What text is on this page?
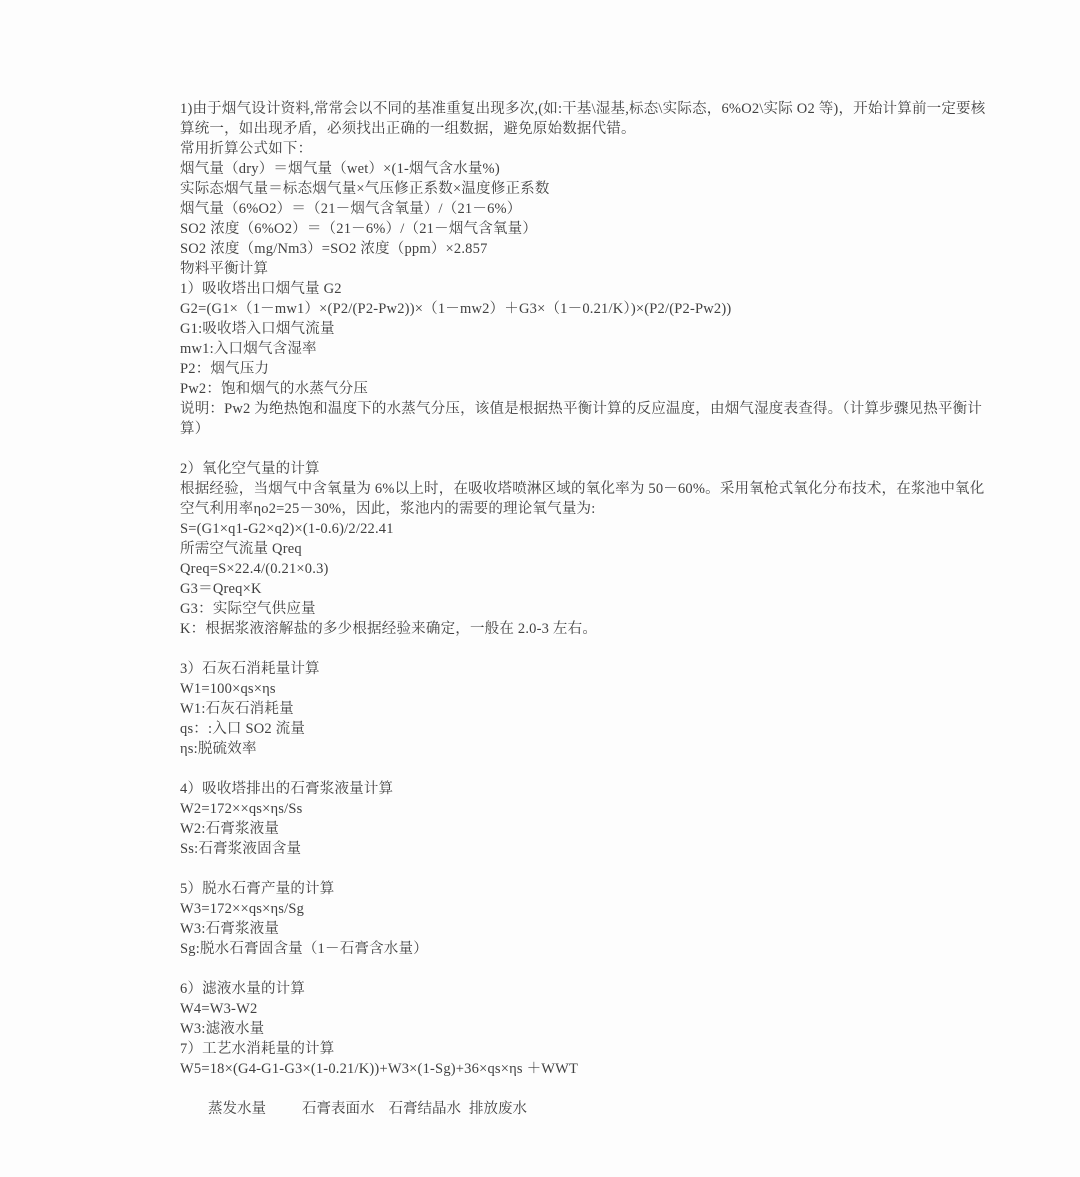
1)由于烟气设计资料,常常会以不同的基准重复出现多次,(如:干基\湿基,标态\实际态，6%O2\实际 O2 等)，开始计算前一定要核
算统一，如出现矛盾，必须找出正确的一组数据，避免原始数据代错。
常用折算公式如下：
烟气量（dry）＝烟气量（wet）×(1-烟气含水量%)
实际态烟气量＝标态烟气量×气压修正系数×温度修正系数
烟气量（6%O2）＝（21－烟气含氧量）/（21－6%）
SO2 浓度（6%O2）＝（21－6%）/（21－烟气含氧量）
SO2 浓度（mg/Nm3）=SO2 浓度（ppm）×2.857
物料平衡计算
1）吸收塔出口烟气量 G2
G2=(G1×（1－mw1）×(P2/(P2-Pw2))×（1－mw2）＋G3×（1－0.21/K）)×(P2/(P2-Pw2))
G1:吸收塔入口烟气流量
mw1:入口烟气含湿率
P2：烟气压力
Pw2：饱和烟气的水蒸气分压
说明：Pw2 为绝热饱和温度下的水蒸气分压，该值是根据热平衡计算的反应温度，由烟气湿度表查得。（计算步骤见热平衡计
算）
2）氧化空气量的计算
根据经验，当烟气中含氧量为 6%以上时，在吸收塔喷淋区域的氧化率为 50－60%。采用氧枪式氧化分布技术，在浆池中氧化
空气利用率ηo2=25－30%，因此，浆池内的需要的理论氧气量为:
S=(G1×q1-G2×q2)×(1-0.6)/2/22.41
所需空气流量 Qreq
Qreq=S×22.4/(0.21×0.3)
G3＝Qreq×K
G3：实际空气供应量
K：根据浆液溶解盐的多少根据经验来确定，一般在 2.0-3 左右。
3）石灰石消耗量计算
W1=100×qs×ηs
W1:石灰石消耗量
qs：:入口 SO2 流量
ηs:脱硫效率
4）吸收塔排出的石膏浆液量计算
W2=172××qs×ηs/Ss
W2:石膏浆液量
Ss:石膏浆液固含量
5）脱水石膏产量的计算
W3=172××qs×ηs/Sg
W3:石膏浆液量
Sg:脱水石膏固含量（1－石膏含水量）
6）滤液水量的计算
W4=W3-W2
W3:滤液水量
7）工艺水消耗量的计算
W5=18×(G4-G1-G3×(1-0.21/K))+W3×(1-Sg)+36×qs×ηs ＋WWT
蒸发水量 石膏表面水 石膏结晶水 排放废水
